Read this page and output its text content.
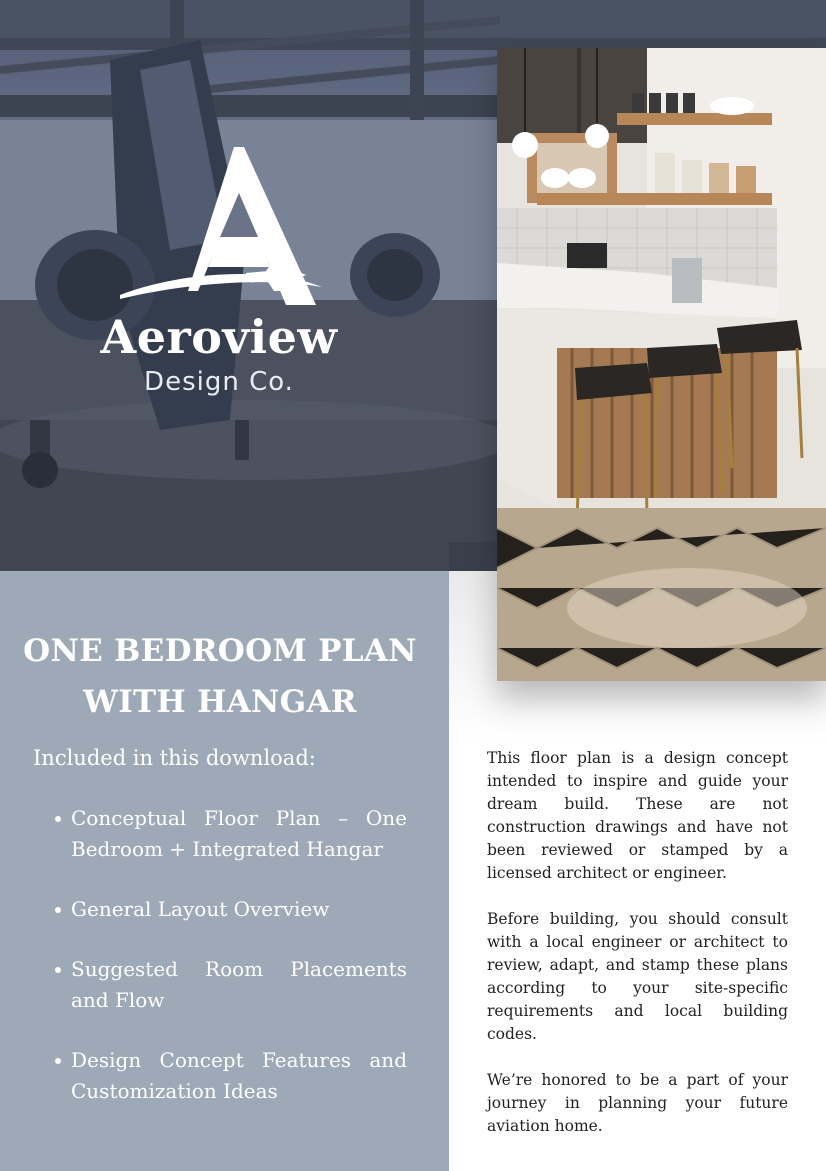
Aeroview
Design Co.
ONE BEDROOM PLAN
WITH HANGAR
Included in this download:
Conceptual Floor Plan – One Bedroom + Integrated Hangar
General Layout Overview
Suggested Room Placements and Flow
Design Concept Features and Customization Ideas

This floor plan is a design concept intended to inspire and guide your dream build. These are not construction drawings and have not been reviewed or stamped by a licensed architect or engineer.

Before building, you should consult with a local engineer or architect to review, adapt, and stamp these plans according to your site-specific requirements and local building codes.

We’re honored to be a part of your journey in planning your future aviation home.
